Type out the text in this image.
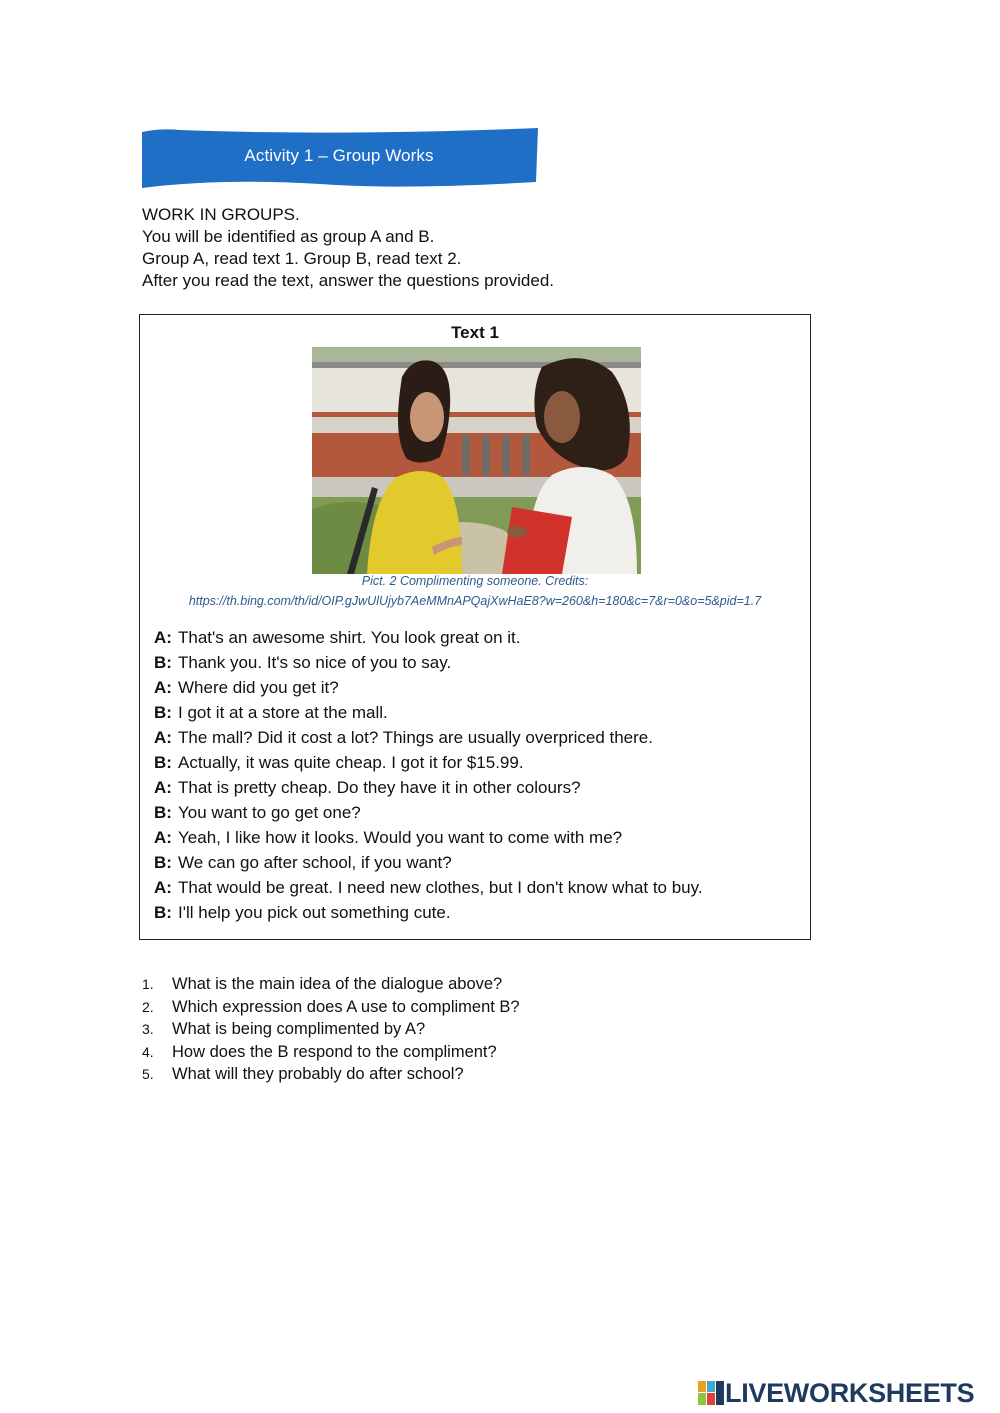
Activity 1 – Group Works
WORK IN GROUPS.
You will be identified as group A and B.
Group A, read text 1. Group B, read text 2.
After you read the text, answer the questions provided.
Text 1
Pict. 2 Complimenting someone. Credits:
https://th.bing.com/th/id/OIP.gJwUlUjyb7AeMMnAPQajXwHaE8?w=260&h=180&c=7&r=0&o=5&pid=1.7
A: That's an awesome shirt. You look great on it.
B: Thank you. It's so nice of you to say.
A: Where did you get it?
B: I got it at a store at the mall.
A: The mall? Did it cost a lot? Things are usually overpriced there.
B: Actually, it was quite cheap. I got it for $15.99.
A: That is pretty cheap. Do they have it in other colours?
B: You want to go get one?
A: Yeah, I like how it looks. Would you want to come with me?
B: We can go after school, if you want?
A: That would be great. I need new clothes, but I don't know what to buy.
B: I'll help you pick out something cute.
1. What is the main idea of the dialogue above?
2. Which expression does A use to compliment B?
3. What is being complimented by A?
4. How does the B respond to the compliment?
5. What will they probably do after school?
LIVEWORKSHEETS
